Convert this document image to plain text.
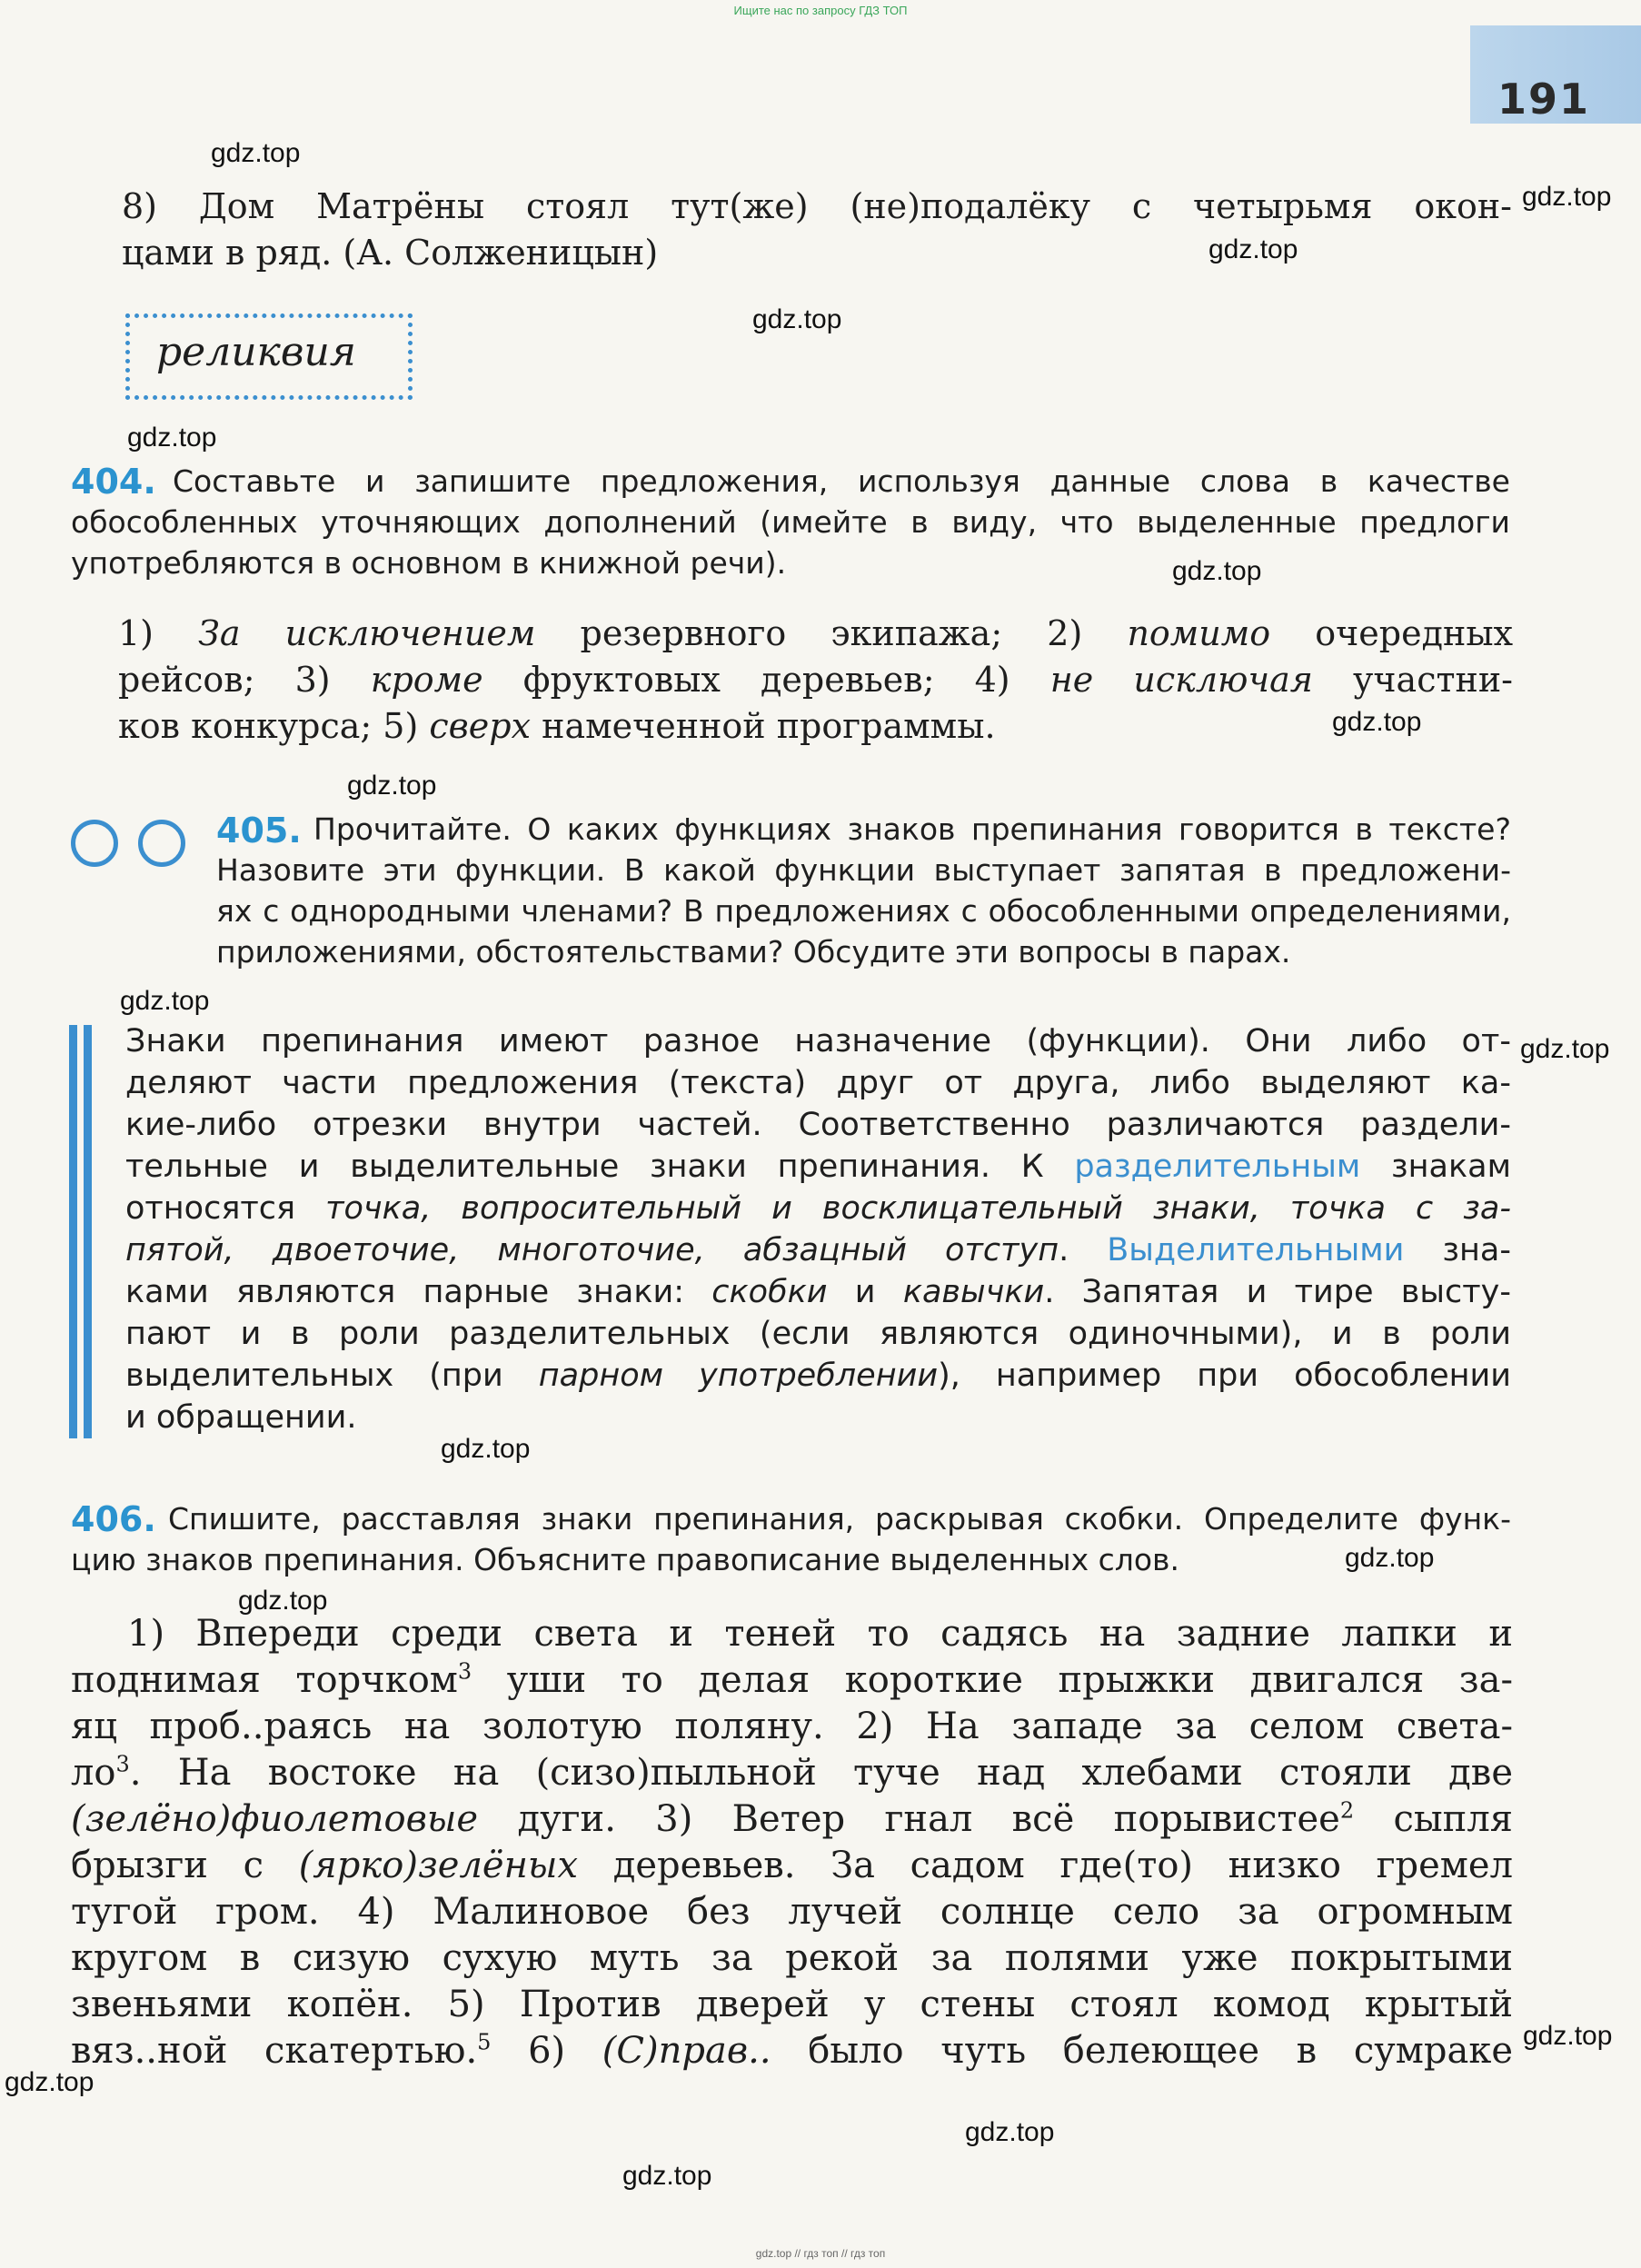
Ищите нас по запросу ГДЗ ТОП
191
gdz.top
gdz.top
gdz.top
gdz.top
gdz.top
gdz.top
gdz.top
gdz.top
gdz.top
gdz.top
gdz.top
gdz.top
gdz.top
gdz.top
gdz.top
gdz.top
gdz.top

8) Дом Матрёны стоял тут(же) (не)подалёку с четырьмя окон-

цами в ряд. (А. Солженицын)

реликвия
404. Составьте и запишите предложения, используя данные слова в качестве

обособленных уточняющих дополнений (имейте в виду, что выделенные предлоги

употребляются в основном в книжной речи).

1) За исключением резервного экипажа; 2) помимо очередных

рейсов; 3) кроме фруктовых деревьев; 4) не исключая участни-

ков конкурса; 5) сверх намеченной программы.

405. Прочитайте. О каких функциях знаков препинания говорится в тексте?

Назовите эти функции. В какой функции выступает запятая в предложени-

ях с однородными членами? В предложениях с обособленными определениями,

приложениями, обстоятельствами? Обсудите эти вопросы в парах.

Знаки препинания имеют разное назначение (функции). Они либо от-

деляют части предложения (текста) друг от друга, либо выделяют ка-

кие-либо отрезки внутри частей. Соответственно различаются раздели-

тельные и выделительные знаки препинания. К разделительным знакам

относятся точка, вопросительный и восклицательный знаки, точка с за-

пятой, двоеточие, многоточие, абзацный отступ. Выделительными зна-

ками являются парные знаки: скобки и кавычки. Запятая и тире высту-

пают и в роли разделительных (если являются одиночными), и в роли

выделительных (при парном употреблении), например при обособлении

и обращении.

406. Спишите, расставляя знаки препинания, раскрывая скобки. Определите функ-

цию знаков препинания. Объясните правописание выделенных слов.

1) Впереди среди света и теней то садясь на задние лапки и

поднимая торчком$^3$ уши то делая короткие прыжки двигался за-

яц проб..раясь на золотую поляну. 2) На западе за селом светa-

$ло^3$. На востоке на (сизо)пыльной туче над хлебами стояли две

(зелёно)фиолетовые дуги. 3) Ветер гнал всё порывистее$^2$ сыпля

брызги с (ярко)зелёных деревьев. За садом где(то) низко гремел

тугой гром. 4) Малиновое без лучей солнце село за огромным

кругом в сизую сухую муть за рекой за полями уже покрытыми

звеньями копён. 5) Против дверей у стены стоял комод крытый

вяз..ной скатертью.$^5$ 6) (С)прав.. было чуть белеющее в сумраке

gdz.top // гдз топ // гдз топ
